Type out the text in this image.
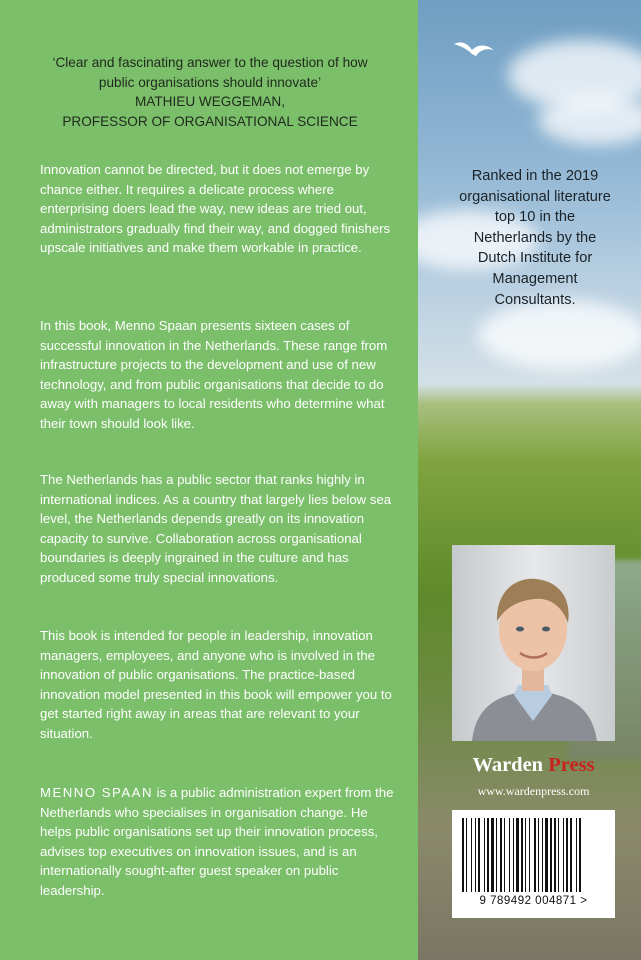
‘Clear and fascinating answer to the question of how
public organisations should innovate’
MATHIEU WEGGEMAN,
PROFESSOR OF ORGANISATIONAL SCIENCE

Innovation cannot be directed, but it does not emerge by chance either. It requires a delicate process where enterprising doers lead the way, new ideas are tried out, administrators gradually find their way, and dogged finishers upscale initiatives and make them workable in practice.

In this book, Menno Spaan presents sixteen cases of successful innovation in the Netherlands. These range from infrastructure projects to the development and use of new technology, and from public organisations that decide to do away with managers to local residents who determine what their town should look like.

The Netherlands has a public sector that ranks highly in international indices. As a country that largely lies below sea level, the Netherlands depends greatly on its innovation capacity to survive. Collaboration across organisational boundaries is deeply ingrained in the culture and has produced some truly special innovations.

This book is intended for people in leadership, innovation managers, employees, and anyone who is involved in the innovation of public organisations. The practice-based innovation model presented in this book will empower you to get started right away in areas that are relevant to your situation.

MENNO SPAAN is a public administration expert from the Netherlands who specialises in organisation change. He helps public organisations set up their innovation process, advises top executives on innovation issues, and is an internationally sought-after guest speaker on public leadership.

Ranked in the 2019 organisational literature top 10 in the Netherlands by the Dutch Institute for Management Consultants.
Warden Press
www.wardenpress.com
9 789492 004871 >
